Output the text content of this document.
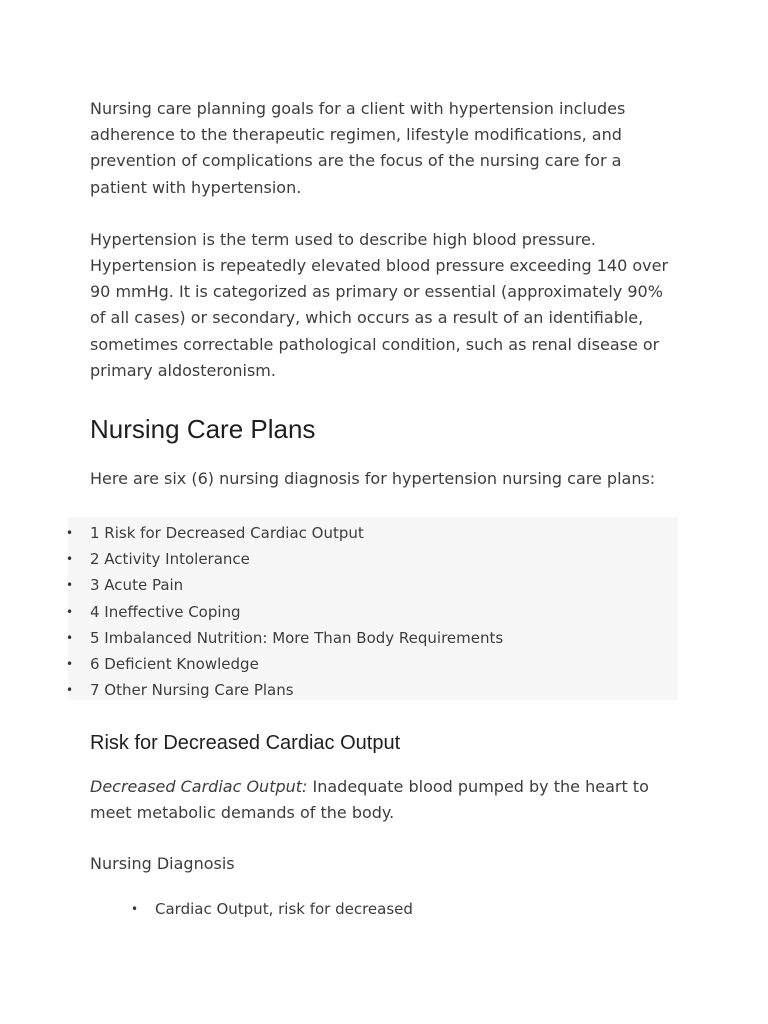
Nursing care planning goals for a client with hypertension includes adherence to the therapeutic regimen, lifestyle modifications, and prevention of complications are the focus of the nursing care for a patient with hypertension.

Hypertension is the term used to describe high blood pressure. Hypertension is repeatedly elevated blood pressure exceeding 140 over 90 mmHg. It is categorized as primary or essential (approximately 90% of all cases) or secondary, which occurs as a result of an identifiable, sometimes correctable pathological condition, such as renal disease or primary aldosteronism.

Nursing Care Plans

Here are six (6) nursing diagnosis for hypertension nursing care plans:

• 1 Risk for Decreased Cardiac Output
• 2 Activity Intolerance
• 3 Acute Pain
• 4 Ineffective Coping
• 5 Imbalanced Nutrition: More Than Body Requirements
• 6 Deficient Knowledge
• 7 Other Nursing Care Plans
Risk for Decreased Cardiac Output

Decreased Cardiac Output: Inadequate blood pumped by the heart to meet metabolic demands of the body.

Nursing Diagnosis

• Cardiac Output, risk for decreased
